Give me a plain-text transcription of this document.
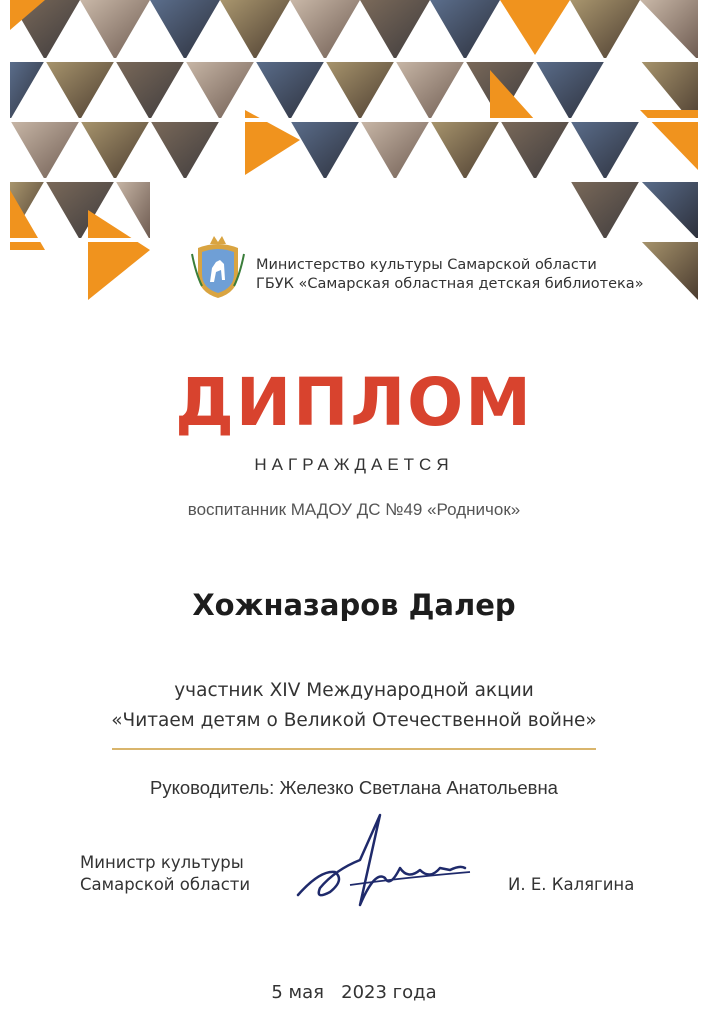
Министерство культуры Самарской области
ГБУК «Самарская областная детская библиотека»
ДИПЛОМ
НАГРАЖДАЕТСЯ
воспитанник МАДОУ ДС №49 «Родничок»
Хожназаров Далер
участник XIV Международной акции
«Читаем детям о Великой Отечественной войне»
Руководитель: Железко Светлана Анатольевна
Министр культуры
Самарской области	И. Е. Калягина
5 мая   2023 года
